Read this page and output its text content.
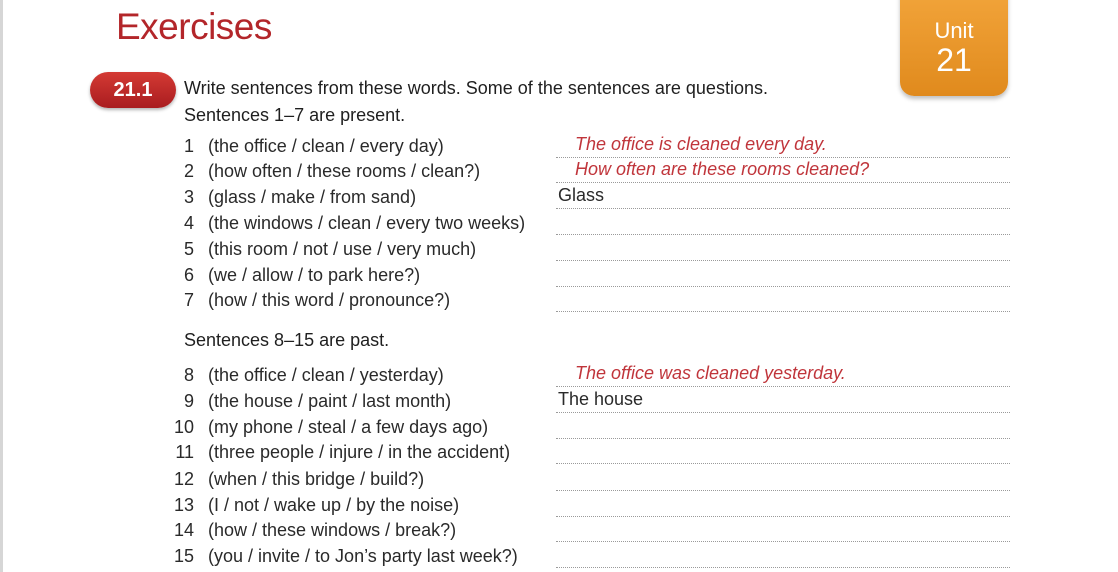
Exercises	Unit
21
21.1	Write sentences from these words. Some of the sentences are questions.
Sentences 1–7 are present.
Sentences 8–15 are past.
1 (the office / clean / every day)	The office is cleaned every day.
2 (how often / these rooms / clean?)	How often are these rooms cleaned?
3 (glass / make / from sand)	Glass
4 (the windows / clean / every two weeks)
5 (this room / not / use / very much)
6 (we / allow / to park here?)
7 (how / this word / pronounce?)
8 (the office / clean / yesterday)	The office was cleaned yesterday.
9 (the house / paint / last month)	The house
10 (my phone / steal / a few days ago)
11 (three people / injure / in the accident)
12 (when / this bridge / build?)
13 (I / not / wake up / by the noise)
14 (how / these windows / break?)
15 (you / invite / to Jon’s party last week?)
